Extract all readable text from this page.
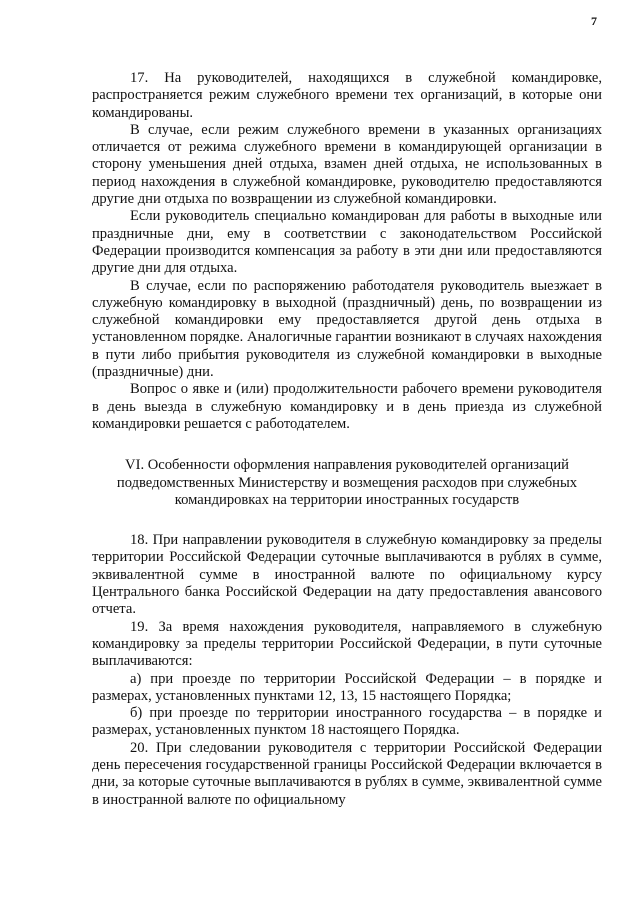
7

17. На руководителей, находящихся в служебной командировке, распространяется режим служебного времени тех организаций, в которые они командированы.

В случае, если режим служебного времени в указанных организациях отличается от режима служебного времени в командирующей организации в сторону уменьшения дней отдыха, взамен дней отдыха, не использованных в период нахождения в служебной командировке, руководителю предоставляются другие дни отдыха по возвращении из служебной командировки.

Если руководитель специально командирован для работы в выходные или праздничные дни, ему в соответствии с законодательством Российской Федерации производится компенсация за работу в эти дни или предоставляются другие дни для отдыха.

В случае, если по распоряжению работодателя руководитель выезжает в служебную командировку в выходной (праздничный) день, по возвращении из служебной командировки ему предоставляется другой день отдыха в установленном порядке. Аналогичные гарантии возникают в случаях нахождения в пути либо прибытия руководителя из служебной командировки в выходные (праздничные) дни.

Вопрос о явке и (или) продолжительности рабочего времени руководителя в день выезда в служебную командировку и в день приезда из служебной командировки решается с работодателем.

VI. Особенности оформления направления руководителей организаций подведомственных Министерству и возмещения расходов при служебных командировках на территории иностранных государств

18. При направлении руководителя в служебную командировку за пределы территории Российской Федерации суточные выплачиваются в рублях в сумме, эквивалентной сумме в иностранной валюте по официальному курсу Центрального банка Российской Федерации на дату предоставления авансового отчета.

19. За время нахождения руководителя, направляемого в служебную командировку за пределы территории Российской Федерации, в пути суточные выплачиваются:

а) при проезде по территории Российской Федерации – в порядке и размерах, установленных пунктами 12, 13, 15 настоящего Порядка;

б) при проезде по территории иностранного государства – в порядке и размерах, установленных пунктом 18 настоящего Порядка.

20. При следовании руководителя с территории Российской Федерации день пересечения государственной границы Российской Федерации включается в дни, за которые суточные выплачиваются в рублях в сумме, эквивалентной сумме в иностранной валюте по официальному
